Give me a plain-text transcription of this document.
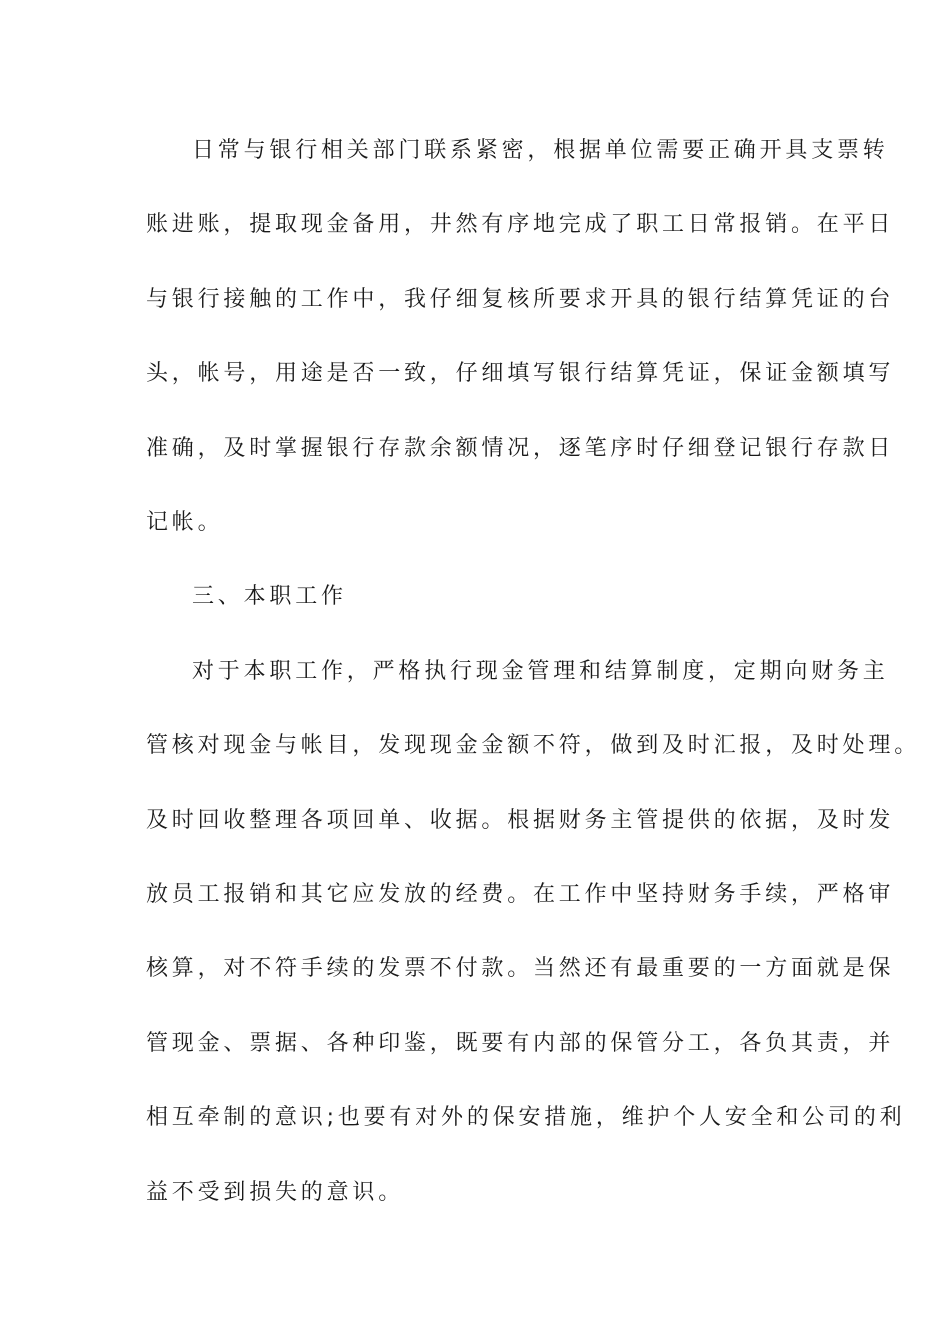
日常与银行相关部门联系紧密，根据单位需要正确开具支票转
账进账，提取现金备用，井然有序地完成了职工日常报销。在平日
与银行接触的工作中，我仔细复核所要求开具的银行结算凭证的台
头，帐号，用途是否一致，仔细填写银行结算凭证，保证金额填写
准确，及时掌握银行存款余额情况，逐笔序时仔细登记银行存款日
记帐。
三、本职工作
对于本职工作，严格执行现金管理和结算制度，定期向财务主
管核对现金与帐目，发现现金金额不符，做到及时汇报，及时处理。
及时回收整理各项回单、收据。根据财务主管提供的依据，及时发
放员工报销和其它应发放的经费。在工作中坚持财务手续，严格审
核算，对不符手续的发票不付款。当然还有最重要的一方面就是保
管现金、票据、各种印鉴，既要有内部的保管分工，各负其责，并
相互牵制的意识;也要有对外的保安措施，维护个人安全和公司的利
益不受到损失的意识。
